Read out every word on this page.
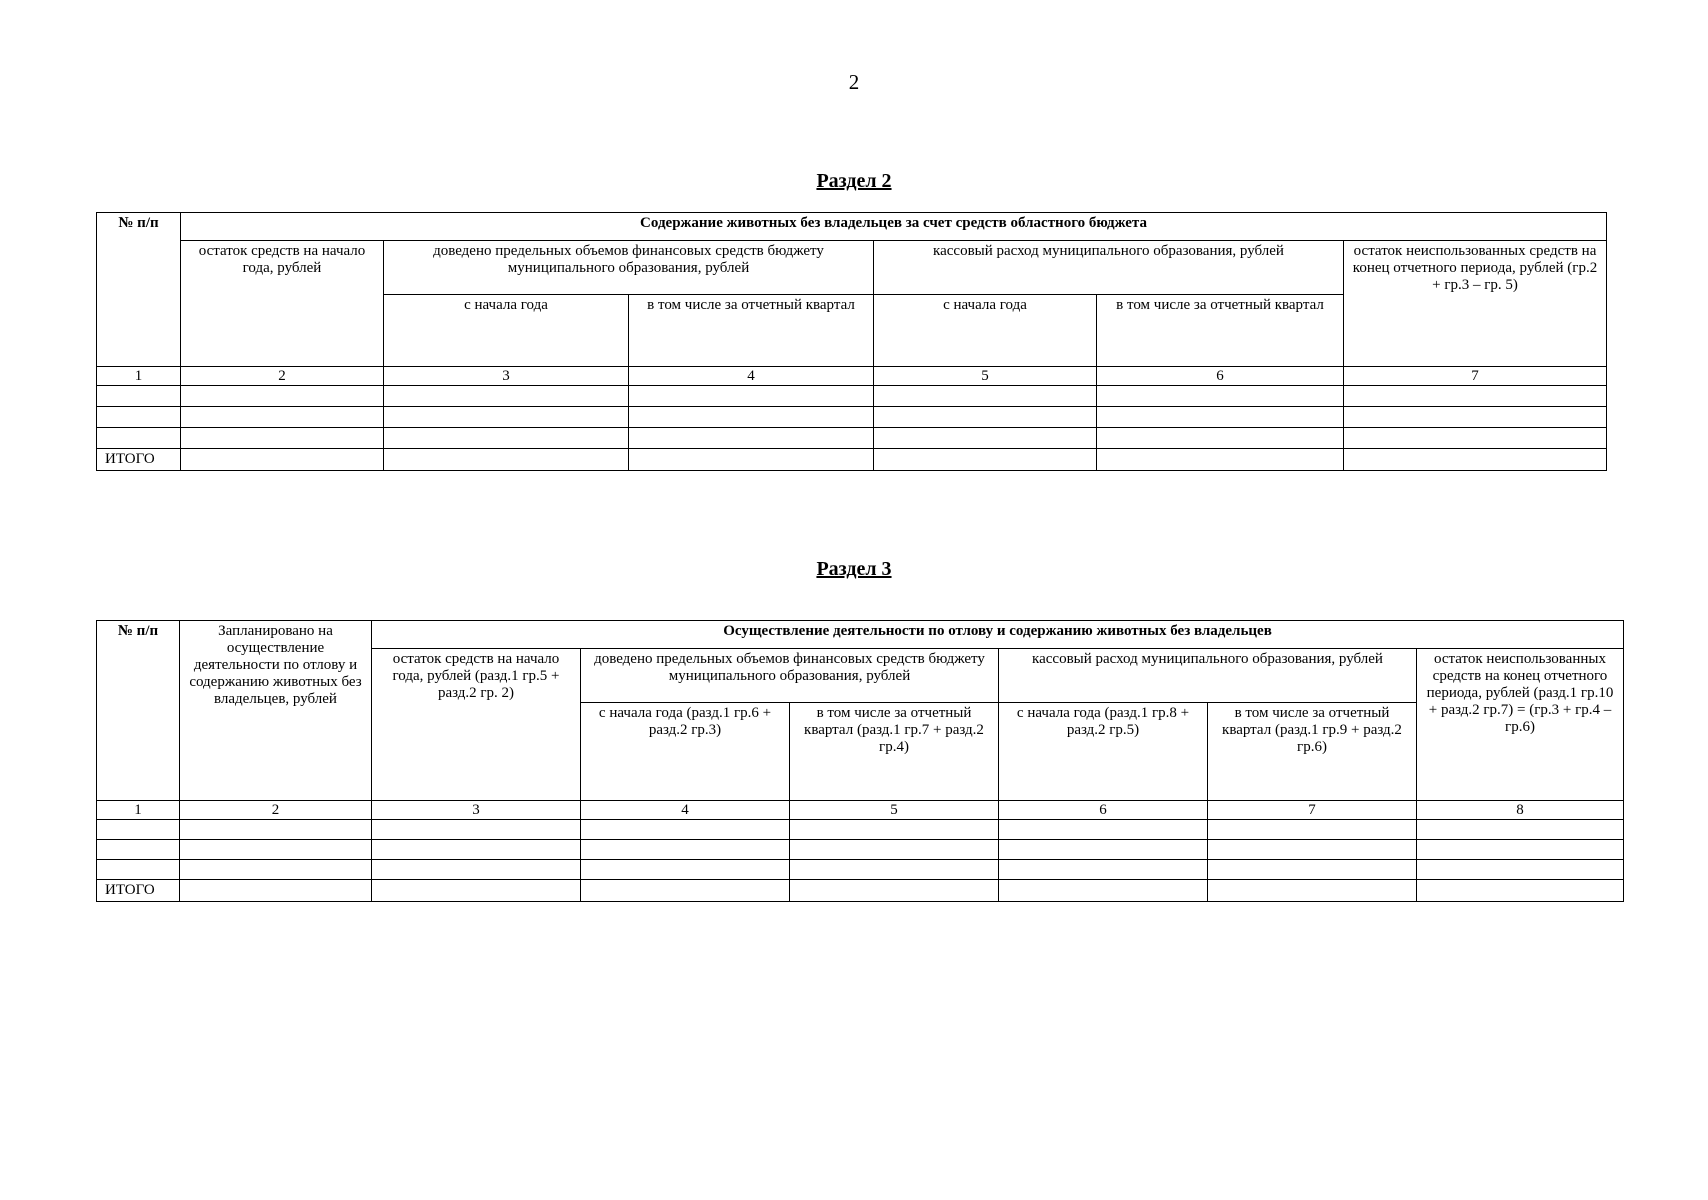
2
Раздел 2
№ п/п	Содержание животных без владельцев за счет средств областного бюджета					
	остаток средств на начало года, рублей	доведено предельных объемов финансовых средств бюджету муниципального образования, рублей		кассовый расход муниципального образования, рублей		остаток неиспользованных средств на конец отчетного периода, рублей (гр.2 + гр.3 – гр. 5)
		с начала года	в том числе за отчетный квартал	с начала года	в том числе за отчетный квартал	
1	2	3	4	5	6	7

ИТОГО						
Раздел 3
№ п/п	Запланировано на осуществление деятельности по отлову и содержанию животных без владельцев, рублей	Осуществление деятельности по отлову и содержанию животных без владельцев					
		остаток средств на начало года, рублей (разд.1 гр.5 + разд.2 гр. 2)	доведено предельных объемов финансовых средств бюджету муниципального образования, рублей		кассовый расход муниципального образования, рублей		остаток неиспользованных средств на конец отчетного периода, рублей (разд.1 гр.10 + разд.2 гр.7) = (гр.3 + гр.4 – гр.6)
			с начала года (разд.1 гр.6 + разд.2 гр.3)	в том числе за отчетный квартал (разд.1 гр.7 + разд.2 гр.4)	с начала года (разд.1 гр.8 + разд.2 гр.5)	в том числе за отчетный квартал (разд.1 гр.9 + разд.2 гр.6)	
1	2	3	4	5	6	7	8

ИТОГО							
